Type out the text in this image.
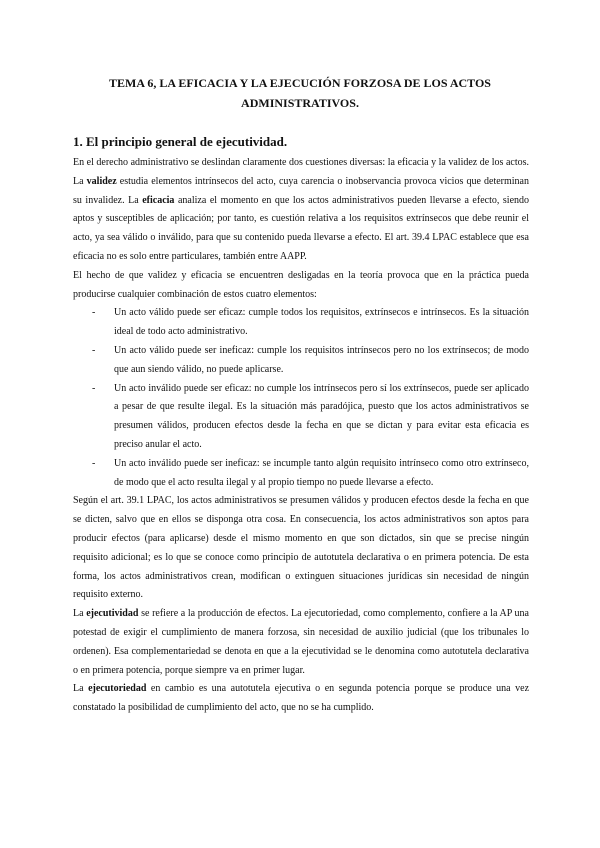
TEMA 6, LA EFICACIA Y LA EJECUCIÓN FORZOSA DE LOS ACTOS ADMINISTRATIVOS.
1. El principio general de ejecutividad.

En el derecho administrativo se deslindan claramente dos cuestiones diversas: la eficacia y la validez de los actos. La validez estudia elementos intrínsecos del acto, cuya carencia o inobservancia provoca vicios que determinan su invalidez. La eficacia analiza el momento en que los actos administrativos pueden llevarse a efecto, siendo aptos y susceptibles de aplicación; por tanto, es cuestión relativa a los requisitos extrínsecos que debe reunir el acto, ya sea válido o inválido, para que su contenido pueda llevarse a efecto. El art. 39.4 LPAC establece que esa eficacia no es solo entre particulares, también entre AAPP.

El hecho de que validez y eficacia se encuentren desligadas en la teoría provoca que en la práctica pueda producirse cualquier combinación de estos cuatro elementos:

- Un acto válido puede ser eficaz: cumple todos los requisitos, extrínsecos e intrínsecos. Es la situación ideal de todo acto administrativo.
- Un acto válido puede ser ineficaz: cumple los requisitos intrínsecos pero no los extrínsecos; de modo que aun siendo válido, no puede aplicarse.
- Un acto inválido puede ser eficaz: no cumple los intrínsecos pero sí los extrínsecos, puede ser aplicado a pesar de que resulte ilegal. Es la situación más paradójica, puesto que los actos administrativos se presumen válidos, producen efectos desde la fecha en que se dictan y para evitar esta eficacia es preciso anular el acto.
- Un acto inválido puede ser ineficaz: se incumple tanto algún requisito intrínseco como otro extrínseco, de modo que el acto resulta ilegal y al propio tiempo no puede llevarse a efecto.

Según el art. 39.1 LPAC, los actos administrativos se presumen válidos y producen efectos desde la fecha en que se dicten, salvo que en ellos se disponga otra cosa. En consecuencia, los actos administrativos son aptos para producir efectos (para aplicarse) desde el mismo momento en que son dictados, sin que se precise ningún requisito adicional; es lo que se conoce como principio de autotutela declarativa o en primera potencia. De esta forma, los actos administrativos crean, modifican o extinguen situaciones jurídicas sin necesidad de ningún requisito externo.

La ejecutividad se refiere a la producción de efectos. La ejecutoriedad, como complemento, confiere a la AP una potestad de exigir el cumplimiento de manera forzosa, sin necesidad de auxilio judicial (que los tribunales lo ordenen). Esa complementariedad se denota en que a la ejecutividad se le denomina como autotutela declarativa o en primera potencia, porque siempre va en primer lugar.

La ejecutoriedad en cambio es una autotutela ejecutiva o en segunda potencia porque se produce una vez constatado la posibilidad de cumplimiento del acto, que no se ha cumplido.
